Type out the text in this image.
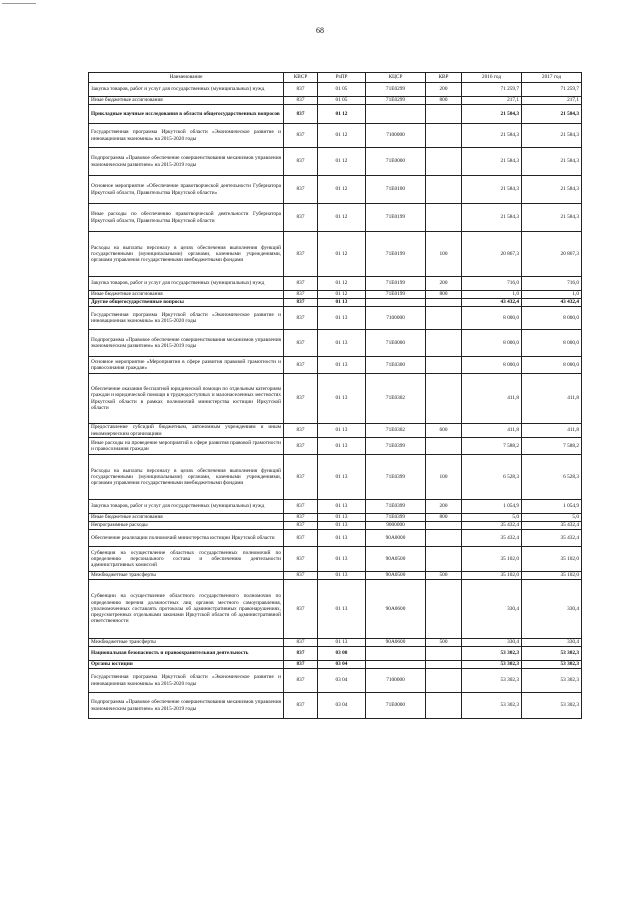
68
Наименование	КВСР	РзПР	КЦСР	КВР	2016 год	2017 год
Закупка товаров, работ и услуг для государственных (муниципальных) нужд	837	01 05	71Е0299	200	71 259,7	71 259,7
Иные бюджетные ассигнования	837	01 05	71Е0299	800	217,1	217,1
Прикладные научные исследования в области общегосударственных вопросов	837	01 12			21 584,3	21 584,3
Государственная программа Иркутской области «Экономическое развитие и инновационная экономика» на 2015-2020 годы	837	01 12	7100000		21 584,3	21 584,3
Подпрограмма «Правовое обеспечение совершенствования механизмов управления экономическим развитием» на 2015-2019 годы	837	01 12	71Е0000		21 584,3	21 584,3
Основное мероприятие «Обеспечение правотворческой деятельности Губернатора Иркутской области, Правительства Иркутской области»	837	01 12	71Е0100		21 584,3	21 584,3
Иные расходы по обеспечению правотворческой деятельности Губернатора Иркутской области, Правительства Иркутской области	837	01 12	71Е0199		21 584,3	21 584,3
Расходы на выплаты персоналу в целях обеспечения выполнения функций государственными (муниципальными) органами, казенными учреждениями, органами управления государственными внебюджетными фондами	837	01 12	71Е0199	100	20 867,3	20 867,3
Закупка товаров, работ и услуг для государственных (муниципальных) нужд	837	01 12	71Е0199	200	716,0	716,0
Иные бюджетные ассигнования	837	01 12	71Е0199	800	1,0	1,0
Другие общегосударственные вопросы	837	01 13			43 432,4	43 432,4
Государственная программа Иркутской области «Экономическое развитие и инновационная экономика» на 2015-2020 годы	837	01 13	7100000		8 000,0	8 000,0
Подпрограмма «Правовое обеспечение совершенствования механизмов управления экономическим развитием» на 2015-2019 годы	837	01 13	71Е0000		8 000,0	8 000,0
Основное мероприятие «Мероприятия в сфере развития правовой грамотности и правосознания граждан»	837	01 13	71Е0300		8 000,0	8 000,0
Обеспечение оказания бесплатной юридической помощи по отдельным категориям граждан и юридической помощи в труднодоступных и малонаселенных местностях Иркутской области в рамках полномочий министерства юстиции Иркутской области	837	01 13	71Е0302		411,8	411,8
Предоставление субсидий бюджетным, автономным учреждениям и иным некоммерческим организациям	837	01 13	71Е0302	600	411,8	411,8
Иные расходы на проведение мероприятий в сфере развития правовой грамотности и правосознания граждан	837	01 13	71Е0399		7 588,2	7 588,2
Расходы на выплаты персоналу в целях обеспечения выполнения функций государственными (муниципальными) органами, казенными учреждениями, органами управления государственными внебюджетными фондами	837	01 13	71Е0399	100	6 528,3	6 528,3
Закупка товаров, работ и услуг для государственных (муниципальных) нужд	837	01 13	71Е0399	200	1 054,9	1 054,9
Иные бюджетные ассигнования	837	01 13	71Е0399	800	5,0	5,0
Непрограммные расходы	837	01 13	9000000		35 432,4	35 432,4
Обеспечение реализации полномочий министерства юстиции Иркутской области	837	01 13	90А0000		35 432,4	35 432,4
Субвенция на осуществление областных государственных полномочий по определению персонального состава и обеспечению деятельности административных комиссий	837	01 13	90А0500		35 102,0	35 102,0
Межбюджетные трансферты	837	01 13	90А0500	500	35 102,0	35 102,0
Субвенции на осуществление областного государственного полномочия по определению перечня должностных лиц органов местного самоуправления, уполномоченных составлять протоколы об административных правонарушениях, предусмотренных отдельными законами Иркутской области об административной ответственности	837	01 13	90А0600		330,4	330,4
Межбюджетные трансферты	837	01 13	90А0600	500	330,4	330,4
Национальная безопасность и правоохранительная деятельность	837	03 00			53 302,3	53 302,3
Органы юстиции	837	03 04			53 302,3	53 302,3
Государственная программа Иркутской области «Экономическое развитие и инновационная экономика» на 2015-2020 годы	837	03 04	7100000		53 302,3	53 302,3
Подпрограмма «Правовое обеспечение совершенствования механизмов управления экономическим развитием» на 2015-2019 годы	837	03 04	71Е0000		53 302,3	53 302,3
